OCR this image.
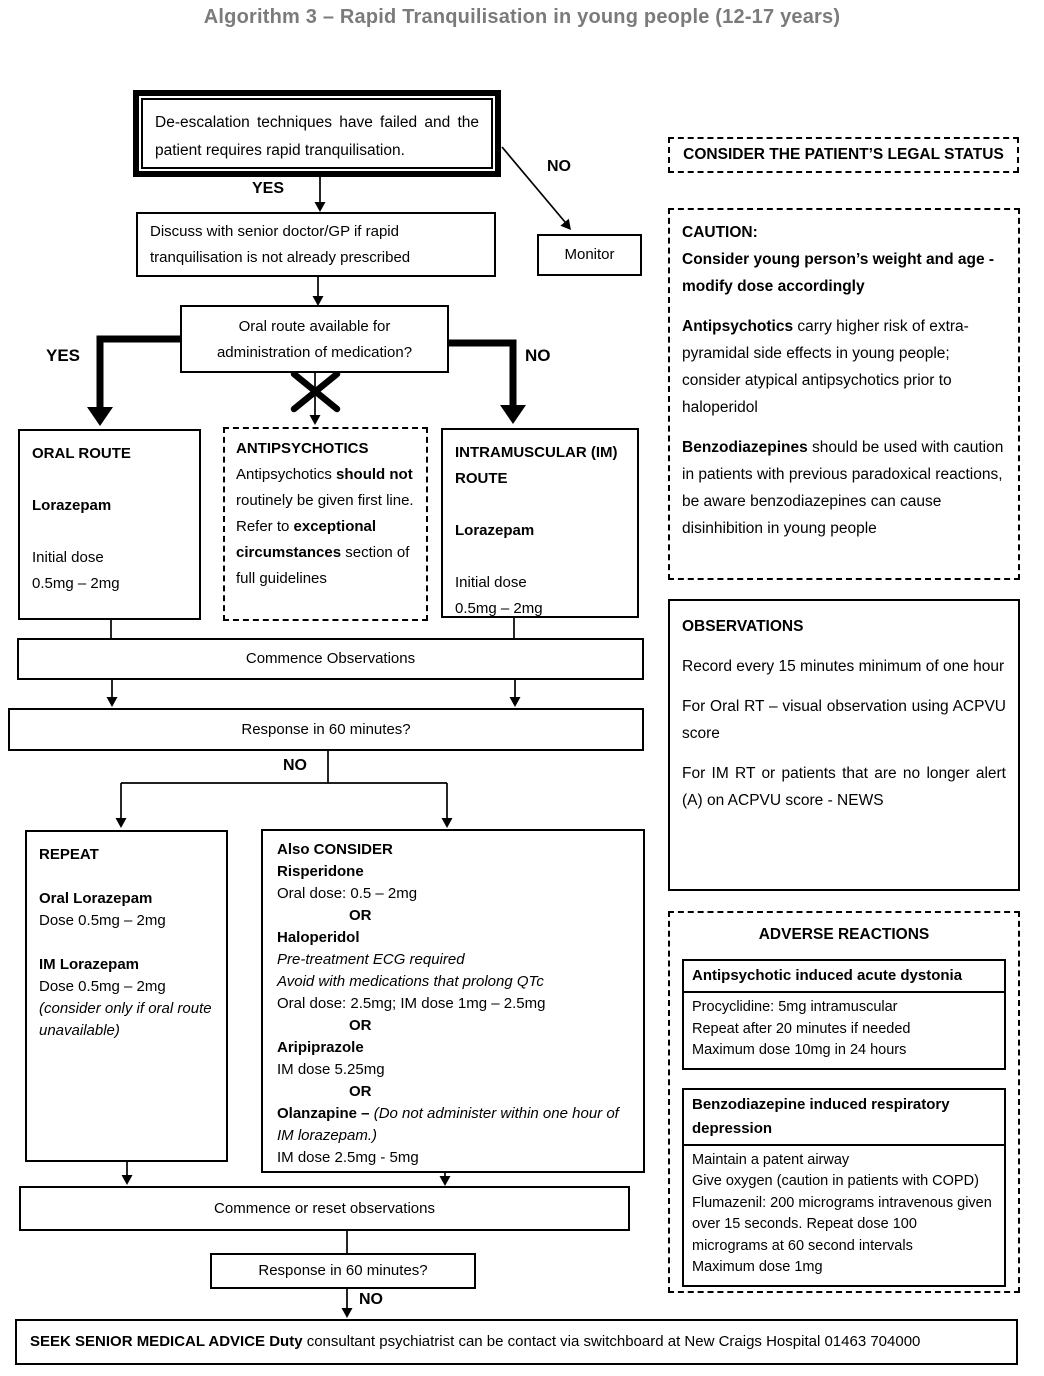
Algorithm 3 – Rapid Tranquilisation in young people (12-17 years)
YES
NO
YES	NO
NO
NO
De-escalation techniques have failed and the patient requires rapid tranquilisation.
Discuss with senior doctor/GP if rapid tranquilisation is not already prescribed	Monitor
Oral route available for administration of medication?
ORAL ROUTE

Lorazepam

Initial dose
0.5mg – 2mg
ANTIPSYCHOTICS
Antipsychotics should not routinely be given first line. Refer to exceptional circumstances section of full guidelines
INTRAMUSCULAR (IM) ROUTE

Lorazepam

Initial dose
0.5mg – 2mg
Commence Observations
Response in 60 minutes?
REPEAT

Oral Lorazepam
Dose 0.5mg – 2mg

IM Lorazepam
Dose 0.5mg – 2mg
(consider only if oral route unavailable)
Also CONSIDER
Risperidone
Oral dose: 0.5 – 2mg
OR
Haloperidol
Pre-treatment ECG required
Avoid with medications that prolong QTc
Oral dose: 2.5mg; IM dose 1mg – 2.5mg
OR
Aripiprazole
IM dose 5.25mg
OR
Olanzapine – (Do not administer within one hour of IM lorazepam.)
IM dose 2.5mg - 5mg
Commence or reset observations
Response in 60 minutes?
SEEK SENIOR MEDICAL ADVICE Duty consultant psychiatrist can be contact via switchboard at New Craigs Hospital 01463 704000
CONSIDER THE PATIENT’S LEGAL STATUS
CAUTION:
Consider young person’s weight and age - modify dose accordingly
Antipsychotics carry higher risk of extra-pyramidal side effects in young people; consider atypical antipsychotics prior to haloperidol
Benzodiazepines should be used with caution in patients with previous paradoxical reactions, be aware benzodiazepines can cause disinhibition in young people
OBSERVATIONS
Record every 15 minutes minimum of one hour
For Oral RT – visual observation using ACPVU score
For IM RT or patients that are no longer alert (A) on ACPVU score - NEWS
ADVERSE REACTIONS
Antipsychotic induced acute dystonia
Procyclidine: 5mg intramuscular
Repeat after 20 minutes if needed
Maximum dose 10mg in 24 hours
Benzodiazepine induced respiratory depression
Maintain a patent airway
Give oxygen (caution in patients with COPD)
Flumazenil: 200 micrograms intravenous given over 15 seconds. Repeat dose 100 micrograms at 60 second intervals
Maximum dose 1mg
